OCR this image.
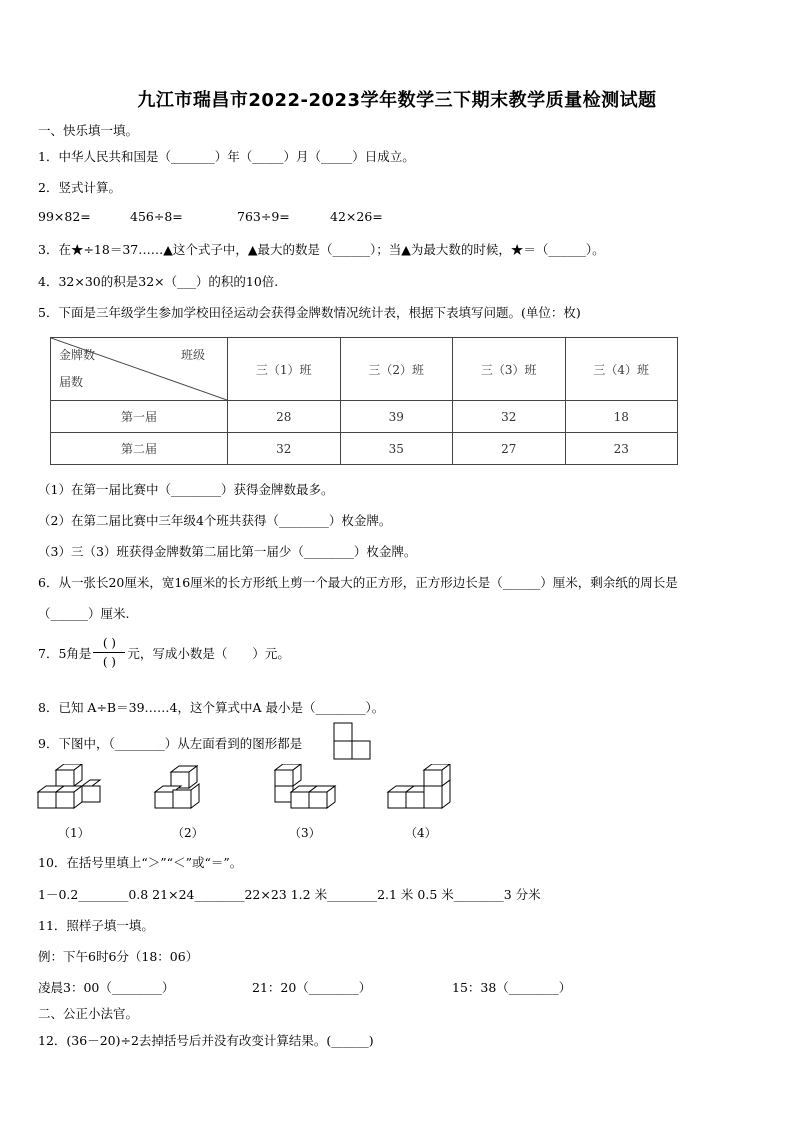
九江市瑞昌市2022-2023学年数学三下期末教学质量检测试题
一、快乐填一填。
1．中华人民共和国是（_______）年（_____）月（_____）日成立。
2．竖式计算。
99×82=	456÷8=	763÷9=	42×26=
3．在★÷18＝37……▲这个式子中，▲最大的数是（______）；当▲为最大数的时候，★＝（______）。
4．32×30的积是32×（___）的积的10倍.
5．下面是三年级学生参加学校田径运动会获得金牌数情况统计表，根据下表填写问题。(单位：枚)
金牌数 班级
届数	三（1）班	三（2）班	三（3）班	三（4）班
第一届	28	39	32	18
第二届	32	35	27	23
（1）在第一届比赛中（________）获得金牌数最多。
（2）在第二届比赛中三年级4个班共获得（________）枚金牌。
（3）三（3）班获得金牌数第二届比第一届少（________）枚金牌。
6．从一张长20厘米，宽16厘米的长方形纸上剪一个最大的正方形，正方形边长是（______）厘米，剩余纸的周长是
（______）厘米.
7．5角是 $\frac{( )}{( )}$ 元，写成小数是（　　）元。
8．已知 A÷B＝39……4，这个算式中A 最小是（________）。
9．下图中，（________）从左面看到的图形都是
（1）	（2）	（3）	（4）
10．在括号里填上“＞”“＜”或“＝”。
1－0.2________0.8 21×24________22×23 1.2 米________2.1 米 0.5 米________3 分米
11．照样子填一填。
例：下午6时6分（18：06）
凌晨3：00（________）	21：20（________）	15：38（________）
二、公正小法官。
12．(36－20)÷2去掉括号后并没有改变计算结果。(______)
